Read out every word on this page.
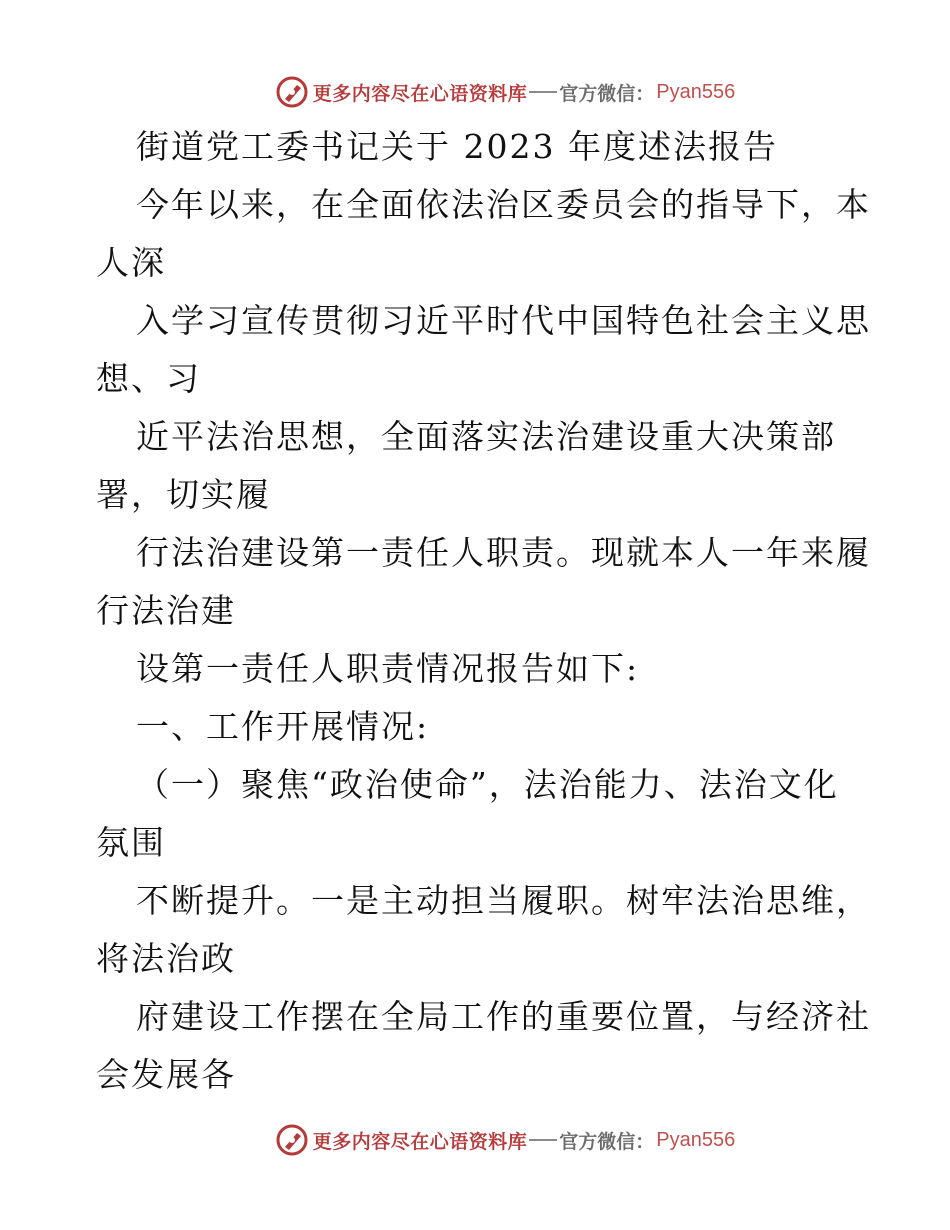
更多内容尽在心语资料库 官方微信： Pyan556
街道党工委书记关于 2023 年度述法报告
今年以来，在全面依法治区委员会的指导下，本
人深
入学习宣传贯彻习近平时代中国特色社会主义思
想、习
近平法治思想，全面落实法治建设重大决策部
署，切实履
行法治建设第一责任人职责。现就本人一年来履
行法治建
设第一责任人职责情况报告如下:
一、工作开展情况:
（一）聚焦“政治使命”，法治能力、法治文化
氛围
不断提升。一是主动担当履职。树牢法治思维，
将法治政
府建设工作摆在全局工作的重要位置，与经济社
会发展各
更多内容尽在心语资料库 官方微信： Pyan556
